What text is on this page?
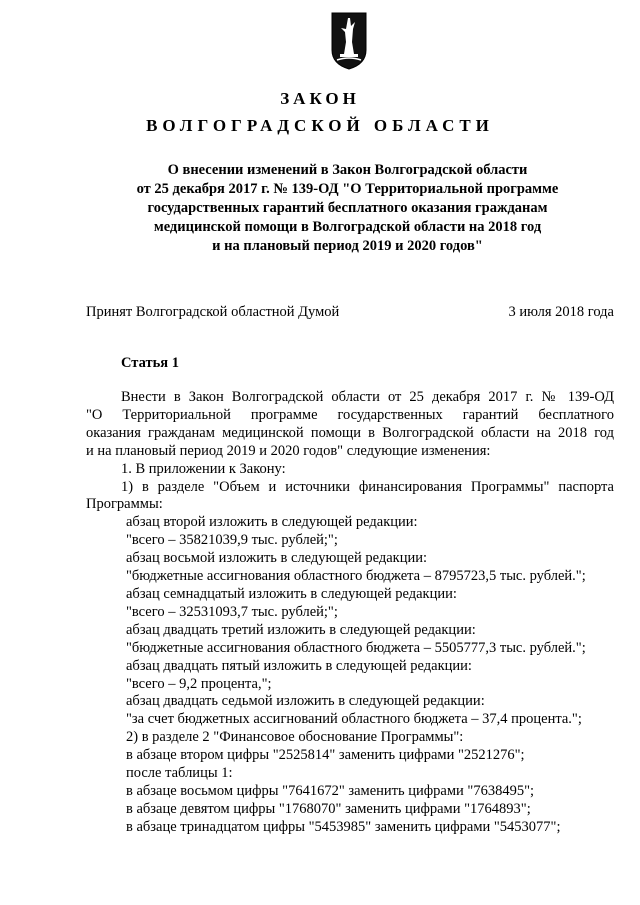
ЗАКОН
ВОЛГОГРАДСКОЙ ОБЛАСТИ
О внесении изменений в Закон Волгоградской области
от 25 декабря 2017 г. № 139-ОД "О Территориальной программе
государственных гарантий бесплатного оказания гражданам
медицинской помощи в Волгоградской области на 2018 год
и на плановый период 2019 и 2020 годов"
Принят Волгоградской областной Думой	3 июля 2018 года
Статья 1

Внести в Закон Волгоградской области от 25 декабря 2017 г. № 139-ОД

"О Территориальной программе государственных гарантий бесплатного

оказания гражданам медицинской помощи в Волгоградской области на 2018 год

и на плановый период 2019 и 2020 годов" следующие изменения:

1. В приложении к Закону:

1) в разделе "Объем и источники финансирования Программы" паспорта

Программы:

абзац второй изложить в следующей редакции:

"всего – 35821039,9 тыс. рублей;";

абзац восьмой изложить в следующей редакции:

"бюджетные ассигнования областного бюджета – 8795723,5 тыс. рублей.";

абзац семнадцатый изложить в следующей редакции:

"всего – 32531093,7 тыс. рублей;";

абзац двадцать третий изложить в следующей редакции:

"бюджетные ассигнования областного бюджета – 5505777,3 тыс. рублей.";

абзац двадцать пятый изложить в следующей редакции:

"всего – 9,2 процента,";

абзац двадцать седьмой изложить в следующей редакции:

"за счет бюджетных ассигнований областного бюджета – 37,4 процента.";

2) в разделе 2 "Финансовое обоснование Программы":

в абзаце втором цифры "2525814" заменить цифрами "2521276";

после таблицы 1:

в абзаце восьмом цифры "7641672" заменить цифрами "7638495";

в абзаце девятом цифры "1768070" заменить цифрами "1764893";

в абзаце тринадцатом цифры "5453985" заменить цифрами "5453077";
